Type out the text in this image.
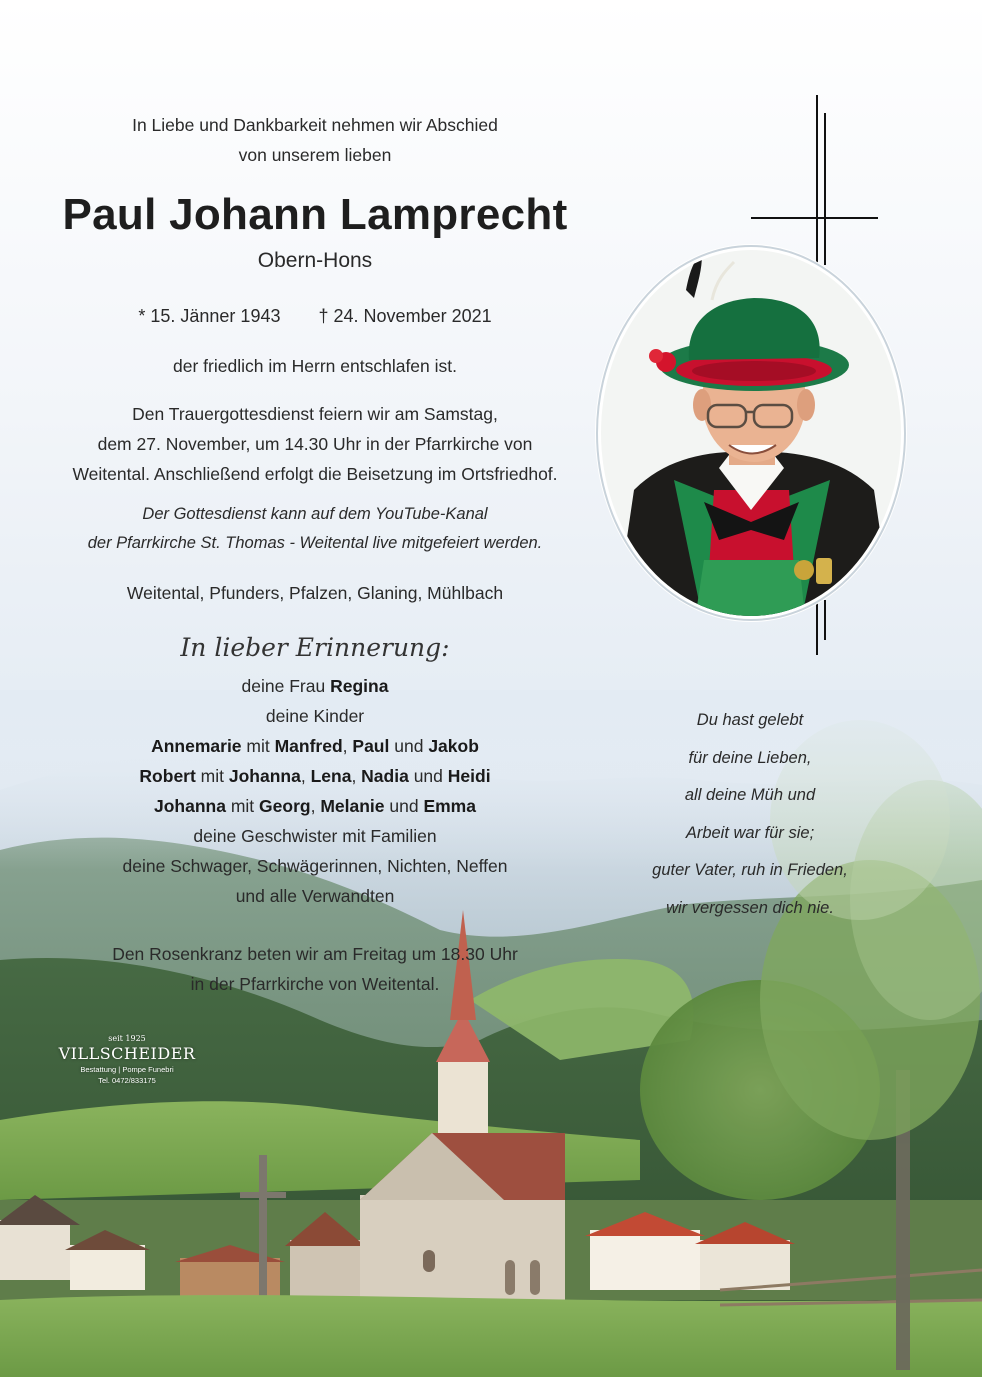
In Liebe und Dankbarkeit nehmen wir Abschied

von unserem lieben

Paul Johann Lamprecht

Obern-Hons

* 15. Jänner 1943 † 24. November 2021

der friedlich im Herrn entschlafen ist.

Den Trauergottesdienst feiern wir am Samstag,

dem 27. November, um 14.30 Uhr in der Pfarrkirche von

Weitental. Anschließend erfolgt die Beisetzung im Ortsfriedhof.

Der Gottesdienst kann auf dem YouTube-Kanal

der Pfarrkirche St. Thomas - Weitental live mitgefeiert werden.

Weitental, Pfunders, Pfalzen, Glaning, Mühlbach

In lieber Erinnerung:

deine Frau Regina

deine Kinder

Annemarie mit Manfred, Paul und Jakob

Robert mit Johanna, Lena, Nadia und Heidi

Johanna mit Georg, Melanie und Emma

deine Geschwister mit Familien

deine Schwager, Schwägerinnen, Nichten, Neffen

und alle Verwandten

Den Rosenkranz beten wir am Freitag um 18.30 Uhr

in der Pfarrkirche von Weitental.

Du hast gelebt

für deine Lieben,

all deine Müh und

Arbeit war für sie;

guter Vater, ruh in Frieden,

wir vergessen dich nie.

seit 1925
VILLSCHEIDER
Bestattung | Pompe Funebri
Tel. 0472/833175
